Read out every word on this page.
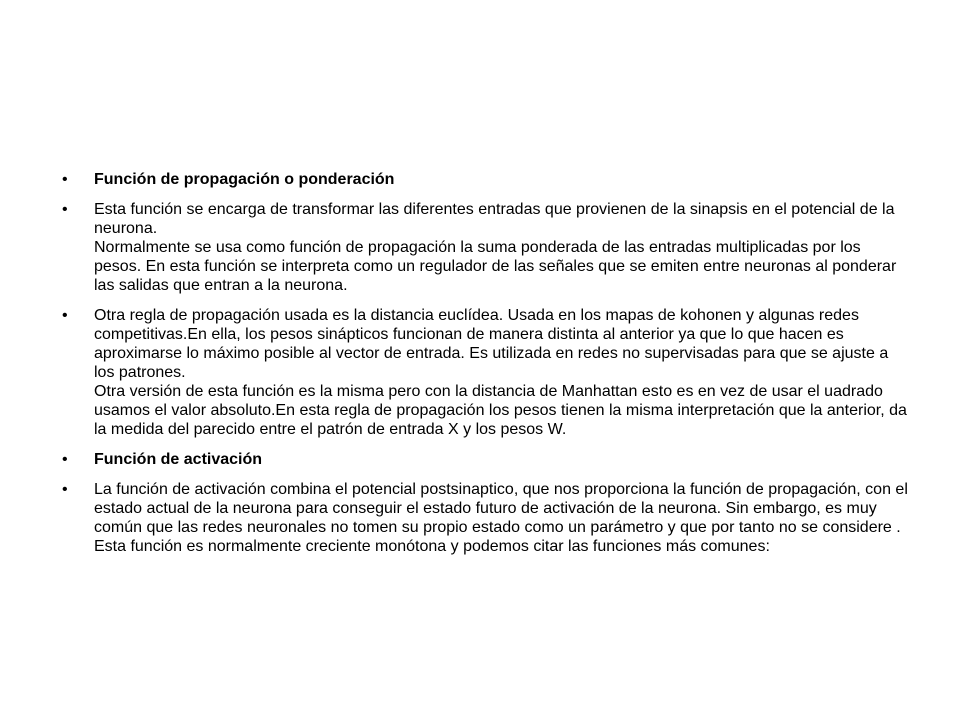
•	Función de propagación o ponderación
•	Esta función se encarga de transformar las diferentes entradas que provienen de la sinapsis en el potencial de la neurona.
Normalmente se usa como función de propagación la suma ponderada de las entradas multiplicadas por los pesos. En esta función se interpreta como un regulador de las señales que se emiten entre neuronas al ponderar las salidas que entran a la neurona.
•	Otra regla de propagación usada es la distancia euclídea. Usada en los mapas de kohonen y algunas redes competitivas.En ella, los pesos sinápticos funcionan de manera distinta al anterior ya que lo que hacen es aproximarse lo máximo posible al vector de entrada. Es utilizada en redes no supervisadas para que se ajuste a los patrones.
Otra versión de esta función es la misma pero con la distancia de Manhattan esto es en vez de usar el uadrado usamos el valor absoluto.En esta regla de propagación los pesos tienen la misma interpretación que la anterior, da la medida del parecido entre el patrón de entrada X y los pesos W.
•	Función de activación
•	La función de activación combina el potencial postsinaptico, que nos proporciona la función de propagación, con el estado actual de la neurona para conseguir el estado futuro de activación de la neurona. Sin embargo, es muy común que las redes neuronales no tomen su propio estado como un parámetro y que por tanto no se considere . Esta función es normalmente creciente monótona y podemos citar las funciones más comunes:
